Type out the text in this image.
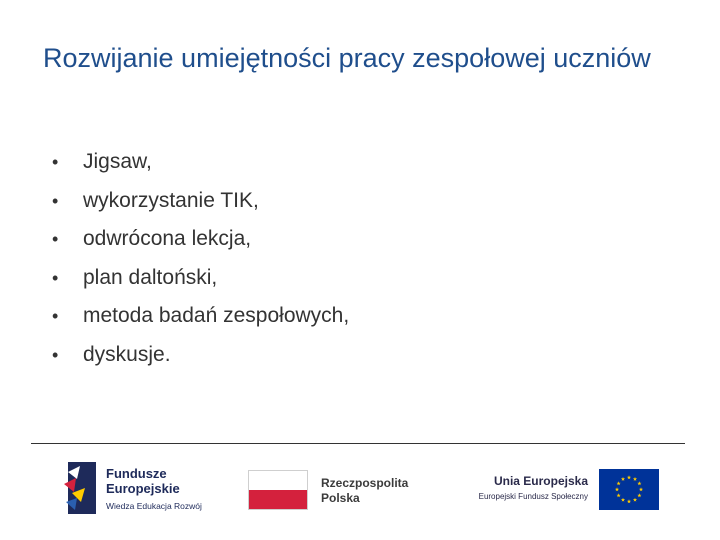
Rozwijanie umiejętności pracy zespołowej uczniów
• Jigsaw,
• wykorzystanie TIK,
• odwrócona lekcja,
• plan daltoński,
• metoda badań zespołowych,
• dyskusje.
Fundusze
Europejskie
Wiedza Edukacja Rozwój
Rzeczpospolita
Polska
Unia Europejska
Europejski Fundusz Społeczny
